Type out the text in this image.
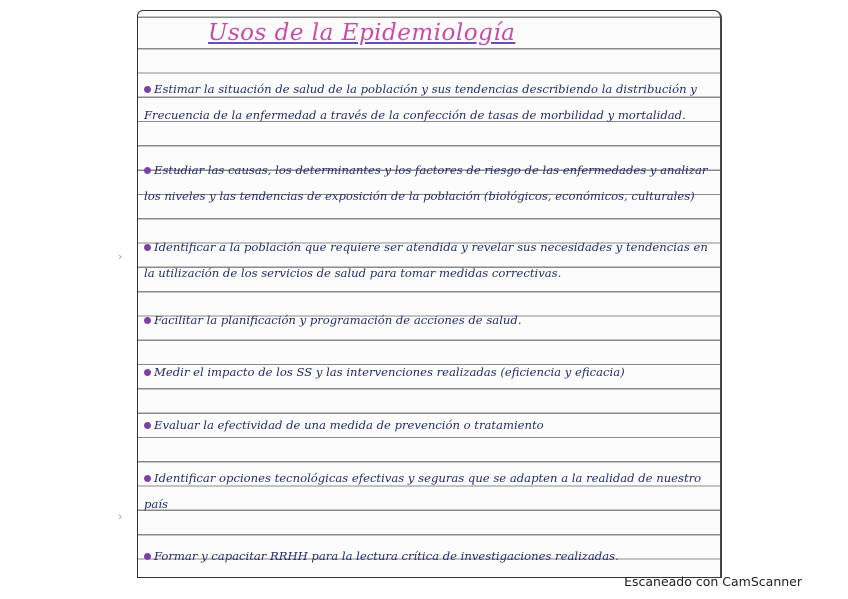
Usos de la Epidemiología
Estimar la situación de salud de la población y sus tendencias describiendo la distribución y Frecuencia de la enfermedad a través de la confección de tasas de morbilidad y mortalidad.
Estudiar las causas, los determinantes y los factores de riesgo de las enfermedades y analizar los niveles y las tendencias de exposición de la población (biológicos, económicos, culturales)
Identificar a la población que requiere ser atendida y revelar sus necesidades y tendencias en la utilización de los servicios de salud para tomar medidas correctivas.
Facilitar la planificación y programación de acciones de salud.
Medir el impacto de los SS y las intervenciones realizadas (eficiencia y eficacia)
Evaluar la efectividad de una medida de prevención o tratamiento
Identificar opciones tecnológicas efectivas y seguras que se adapten a la realidad de nuestro país
Formar y capacitar RRHH para la lectura crítica de investigaciones realizadas.
›
›
Escaneado con CamScanner
